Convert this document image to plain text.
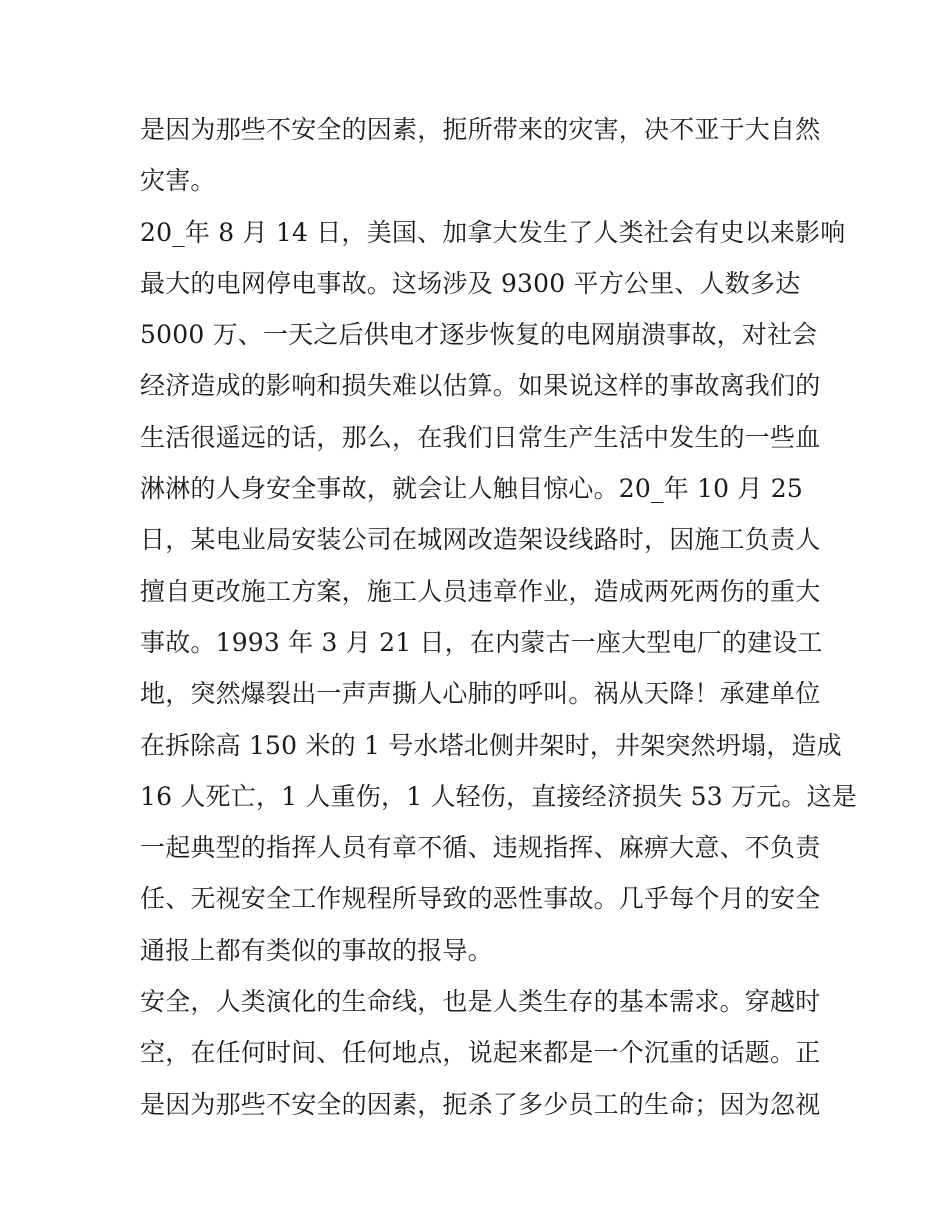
是因为那些不安全的因素，扼所带来的灾害，决不亚于大自然
灾害。
20_年 8 月 14 日，美国、加拿大发生了人类社会有史以来影响
最大的电网停电事故。这场涉及 9300 平方公里、人数多达
5000 万、一天之后供电才逐步恢复的电网崩溃事故，对社会
经济造成的影响和损失难以估算。如果说这样的事故离我们的
生活很遥远的话，那么，在我们日常生产生活中发生的一些血
淋淋的人身安全事故，就会让人触目惊心。20_年 10 月 25
日，某电业局安装公司在城网改造架设线路时，因施工负责人
擅自更改施工方案，施工人员违章作业，造成两死两伤的重大
事故。1993 年 3 月 21 日，在内蒙古一座大型电厂的建设工
地，突然爆裂出一声声撕人心肺的呼叫。祸从天降！承建单位
在拆除高 150 米的 1 号水塔北侧井架时，井架突然坍塌，造成
16 人死亡，1 人重伤，1 人轻伤，直接经济损失 53 万元。这是
一起典型的指挥人员有章不循、违规指挥、麻痹大意、不负责
任、无视安全工作规程所导致的恶性事故。几乎每个月的安全
通报上都有类似的事故的报导。
安全，人类演化的生命线，也是人类生存的基本需求。穿越时
空，在任何时间、任何地点，说起来都是一个沉重的话题。正
是因为那些不安全的因素，扼杀了多少员工的生命；因为忽视
